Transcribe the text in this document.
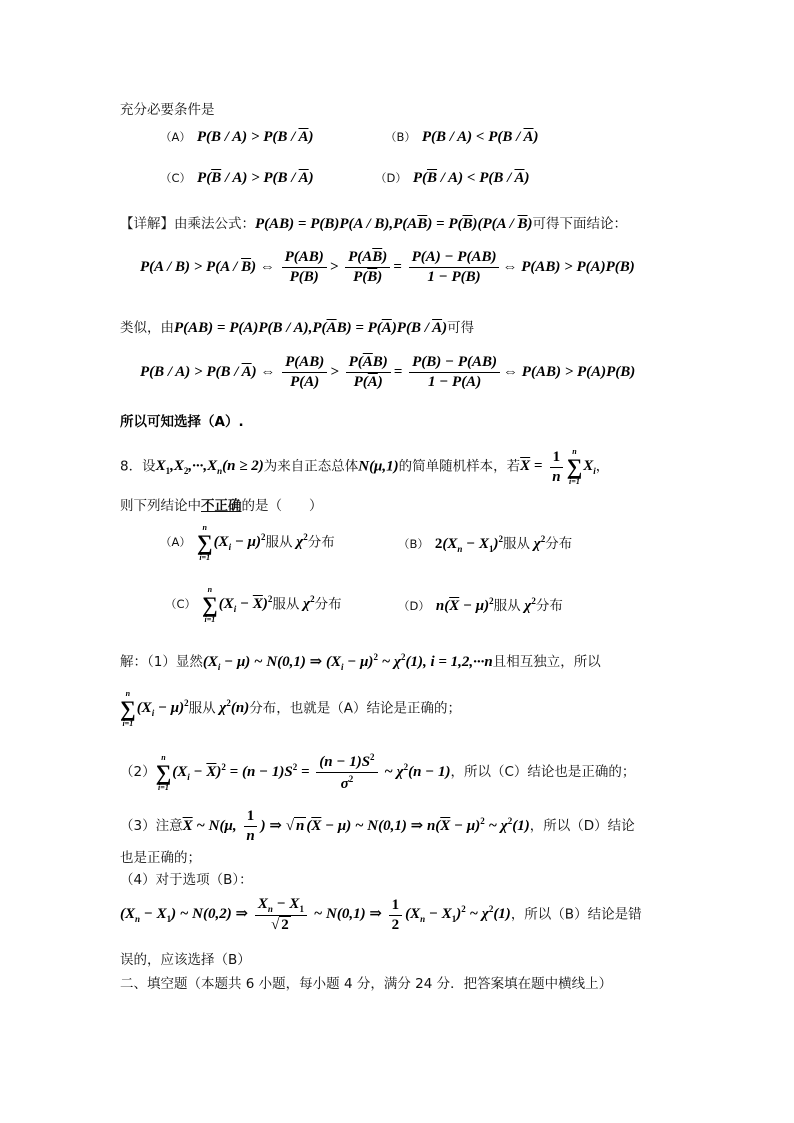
充分必要条件是
（A） $P(B / A) > P(B / \overline{A})$	（B） $P(B / A) < P(B / \overline{A})$
（C） $P(\overline{B} / A) > P(B / \overline{A})$	（D） $P(\overline{B} / A) < P(B / \overline{A})$
【详解】由乘法公式：$P(AB) = P(B)P(A / B),P(A\overline{B}) = P(\overline{B})(P(A / \overline{B})$可得下面结论：
$P(A / B) > P(A / \overline{B})$ ⇔ $\frac{P(AB)}{P(B)} > \frac{P(A\overline{B})}{P(\overline{B})} = \frac{P(A) - P(AB)}{1 - P(B)}$ ⇔ P(AB) > P(A)P(B)
类似，由$P(AB) = P(A)P(B / A),P(\overline{A}B) = P(\overline{A})P(B / \overline{A})$可得
$P(B / A) > P(B / \overline{A})$ ⇔ $\frac{P(AB)}{P(A)} > \frac{P(\overline{A}B)}{P(\overline{A})} = \frac{P(B) - P(AB)}{1 - P(A)}$ ⇔ P(AB) > P(A)P(B)
所以可知选择（A）.
8．设$X_1,X_2,\cdot\cdot\cdot,X_n(n \ge 2)$为来自正态总体N(μ,1)的简单随机样本，若$\overline{X} = \frac{1}{n}$ n
∑
i=1
$X_i$，
则下列结论中不正确的是（　　）
（A）
n
∑
i=1
$(X_i - \mu)^2$服从 $\chi^2$分布	（B） $2(X_n - X_1)^2$服从 $\chi^2$分布
（C）
n
∑
i=1
$(X_i - \overline{X})^2$服从 $\chi^2$分布	（D） $n(\overline{X} - \mu)^2$服从 $\chi^2$分布
解：（1）显然$(X_i - \mu)$ ~ N(0,1) ⇒ $(X_i - \mu)^2$ ~ $\chi^2(1)$, i = 1,2,···n且相互独立，所以
n
∑
i=1
$(X_i - \mu)^2$服从 $\chi^2(n)$分布，也就是（A）结论是正确的；
（2）
n
∑
i=1
$(X_i - \overline{X})^2 = (n - 1)S^2 = \frac{(n - 1)S^2}{\sigma^2}$ ~ $\chi^2(n - 1)$，所以（C）结论也是正确的；
（3）注意$\overline{X}$ ~ N(μ, $\frac{1}{n}$ ) ⇒ √ n $(\overline{X} - \mu)$ ~ N(0,1) ⇒ $n(\overline{X} - \mu)^2$ ~ $\chi^2(1)$，所以（D）结论
也是正确的；
（4）对于选项（B）：
$(X_n - X_1)$ ~ N(0,2) ⇒ $\frac{X_n - X_1}{√ 2}$ ~ N(0,1) ⇒ $\frac{1}{2} (X_n - X_1)^2$ ~ $\chi^2(1)$，所以（B）结论是错
误的，应该选择（B）
二、填空题（本题共 6 小题，每小题 4 分，满分 24 分．把答案填在题中横线上）
